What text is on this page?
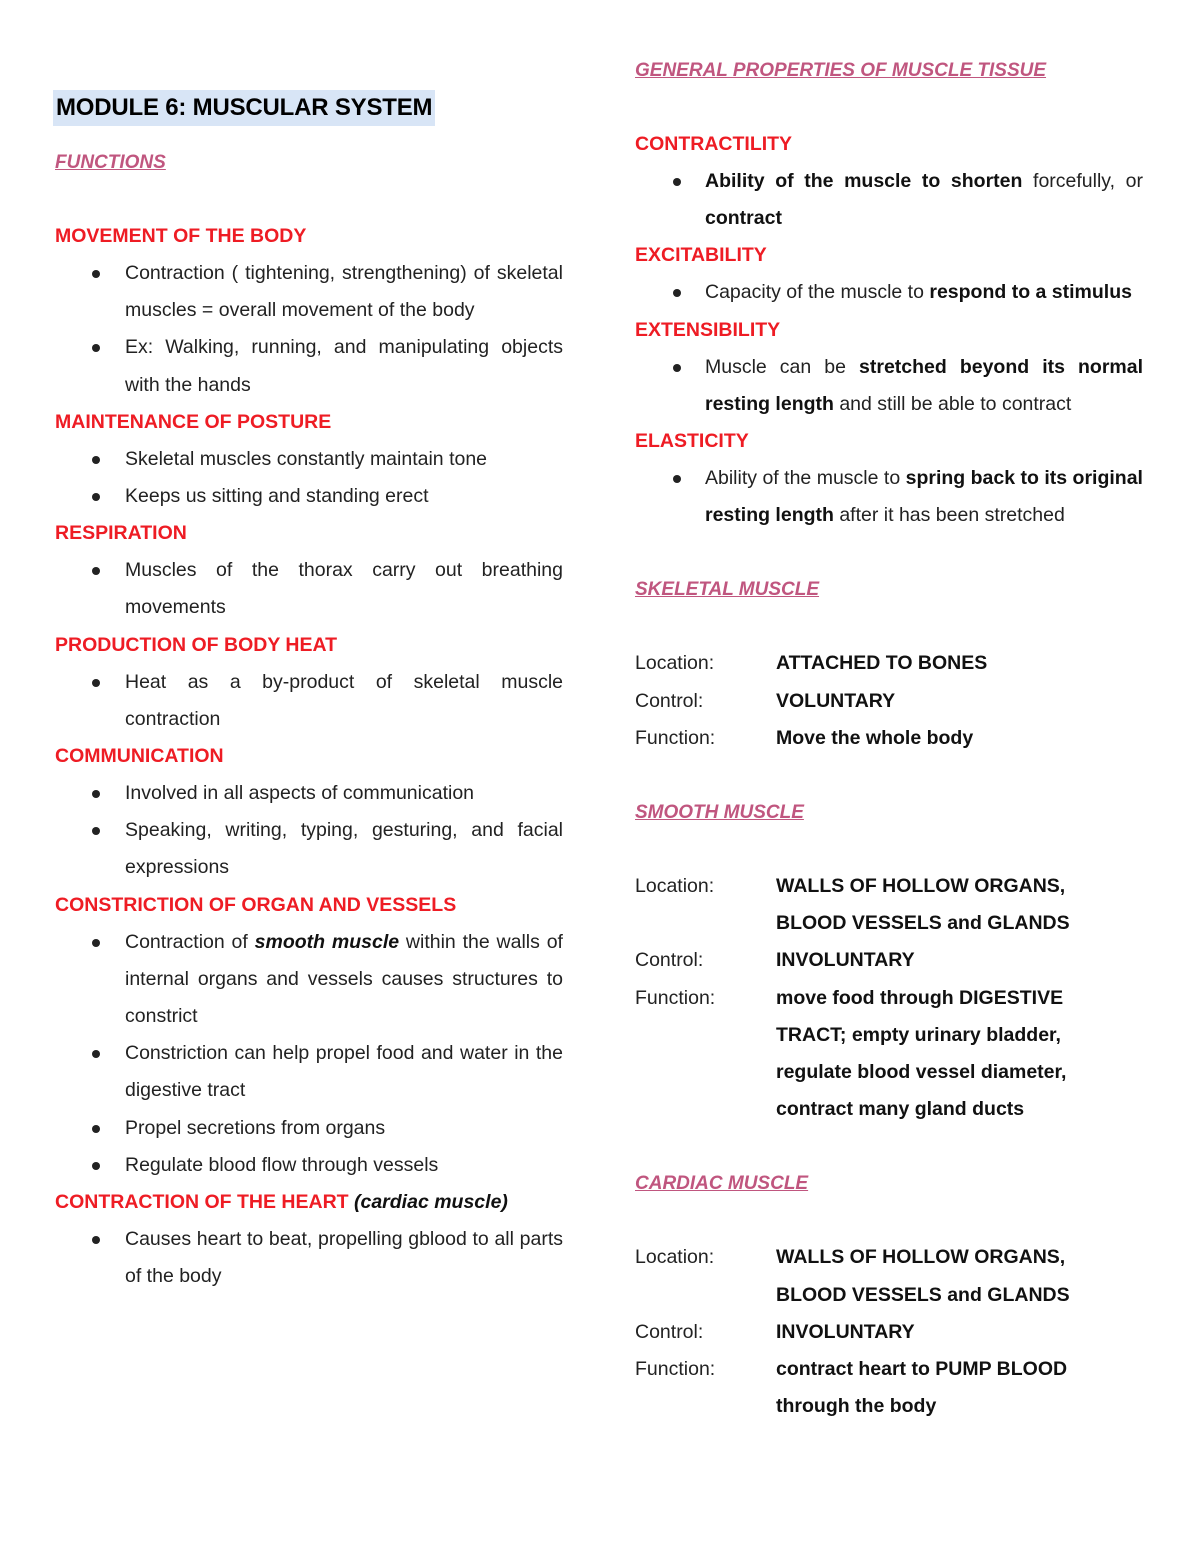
MODULE 6: MUSCULAR SYSTEM
FUNCTIONS
MOVEMENT OF THE BODY
Contraction ( tightening, strengthening) of skeletal muscles = overall movement of the body
Ex: Walking, running, and manipulating objects with the hands
MAINTENANCE OF POSTURE
Skeletal muscles constantly maintain tone
Keeps us sitting and standing erect
RESPIRATION
Muscles of the thorax carry out breathing movements
PRODUCTION OF BODY HEAT
Heat as a by-product of skeletal muscle contraction
COMMUNICATION
Involved in all aspects of communication
Speaking, writing, typing, gesturing, and facial expressions
CONSTRICTION OF ORGAN AND VESSELS
Contraction of smooth muscle within the walls of internal organs and vessels causes structures to constrict
Constriction can help propel food and water in the digestive tract
Propel secretions from organs
Regulate blood flow through vessels
CONTRACTION OF THE HEART (cardiac muscle)
Causes heart to beat, propelling gblood to all parts of the body
GENERAL PROPERTIES OF MUSCLE TISSUE
CONTRACTILITY
Ability of the muscle to shorten forcefully, or contract
EXCITABILITY
Capacity of the muscle to respond to a stimulus
EXTENSIBILITY
Muscle can be stretched beyond its normal resting length and still be able to contract
ELASTICITY
Ability of the muscle to spring back to its original resting length after it has been stretched
SKELETAL MUSCLE
Location:	ATTACHED TO BONES
Control:	VOLUNTARY
Function:	Move the whole body
SMOOTH MUSCLE
Location:	WALLS OF HOLLOW ORGANS, BLOOD VESSELS and GLANDS
Control:	INVOLUNTARY
Function:	move food through DIGESTIVE TRACT; empty urinary bladder, regulate blood vessel diameter, contract many gland ducts
CARDIAC MUSCLE
Location:	WALLS OF HOLLOW ORGANS, BLOOD VESSELS and GLANDS
Control:	INVOLUNTARY
Function:	contract heart to PUMP BLOOD through the body
